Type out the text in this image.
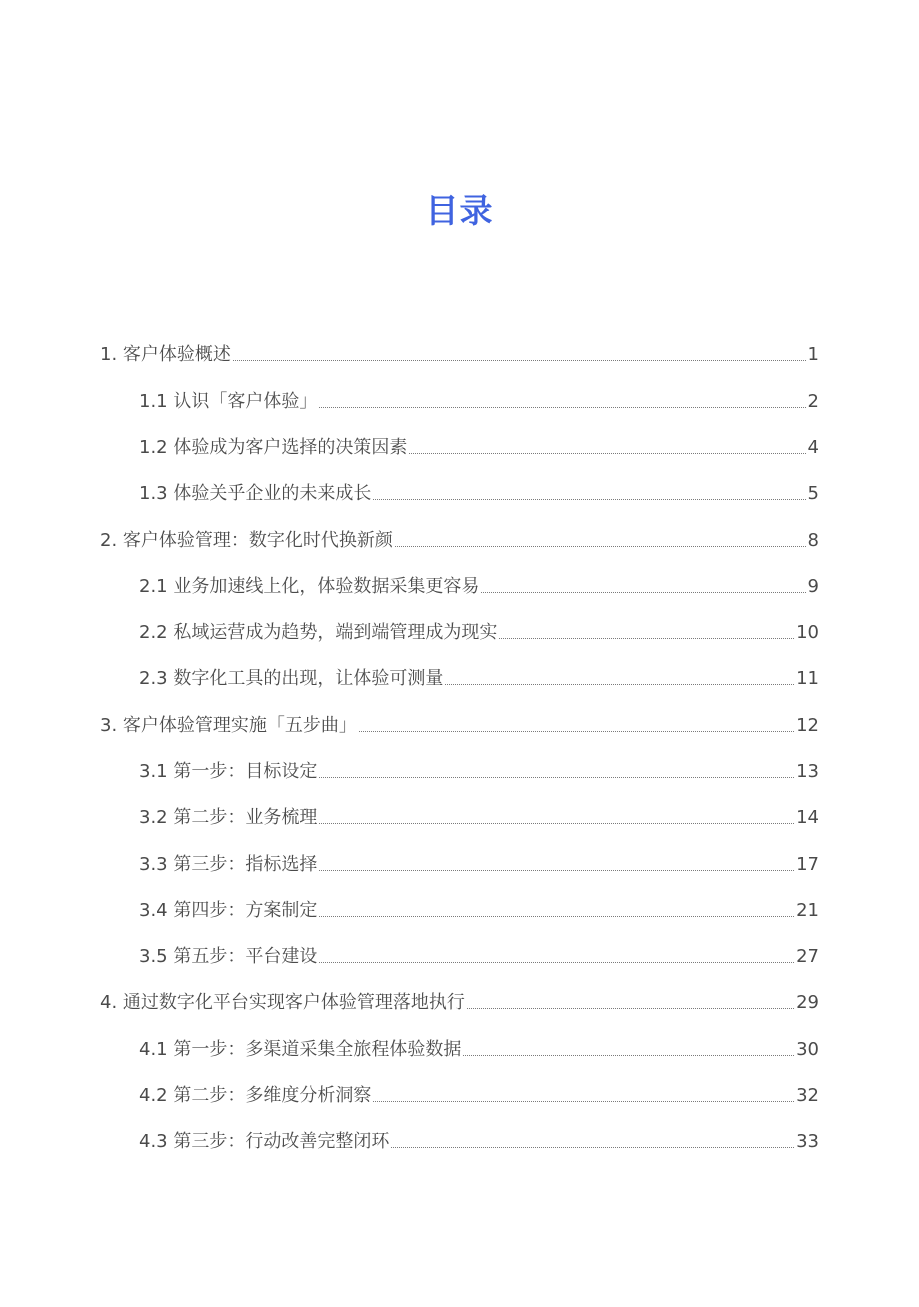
目录
1. 客户体验概述	1
1.1 认识「客户体验」	2
1.2 体验成为客户选择的决策因素	4
1.3 体验关乎企业的未来成长	5
2. 客户体验管理：数字化时代换新颜	8
2.1 业务加速线上化，体验数据采集更容易	9
2.2 私域运营成为趋势，端到端管理成为现实	10
2.3 数字化工具的出现，让体验可测量	11
3. 客户体验管理实施「五步曲」	12
3.1 第一步：目标设定	13
3.2 第二步：业务梳理	14
3.3 第三步：指标选择	17
3.4 第四步：方案制定	21
3.5 第五步：平台建设	27
4. 通过数字化平台实现客户体验管理落地执行	29
4.1 第一步：多渠道采集全旅程体验数据	30
4.2 第二步：多维度分析洞察	32
4.3 第三步：行动改善完整闭环	33
